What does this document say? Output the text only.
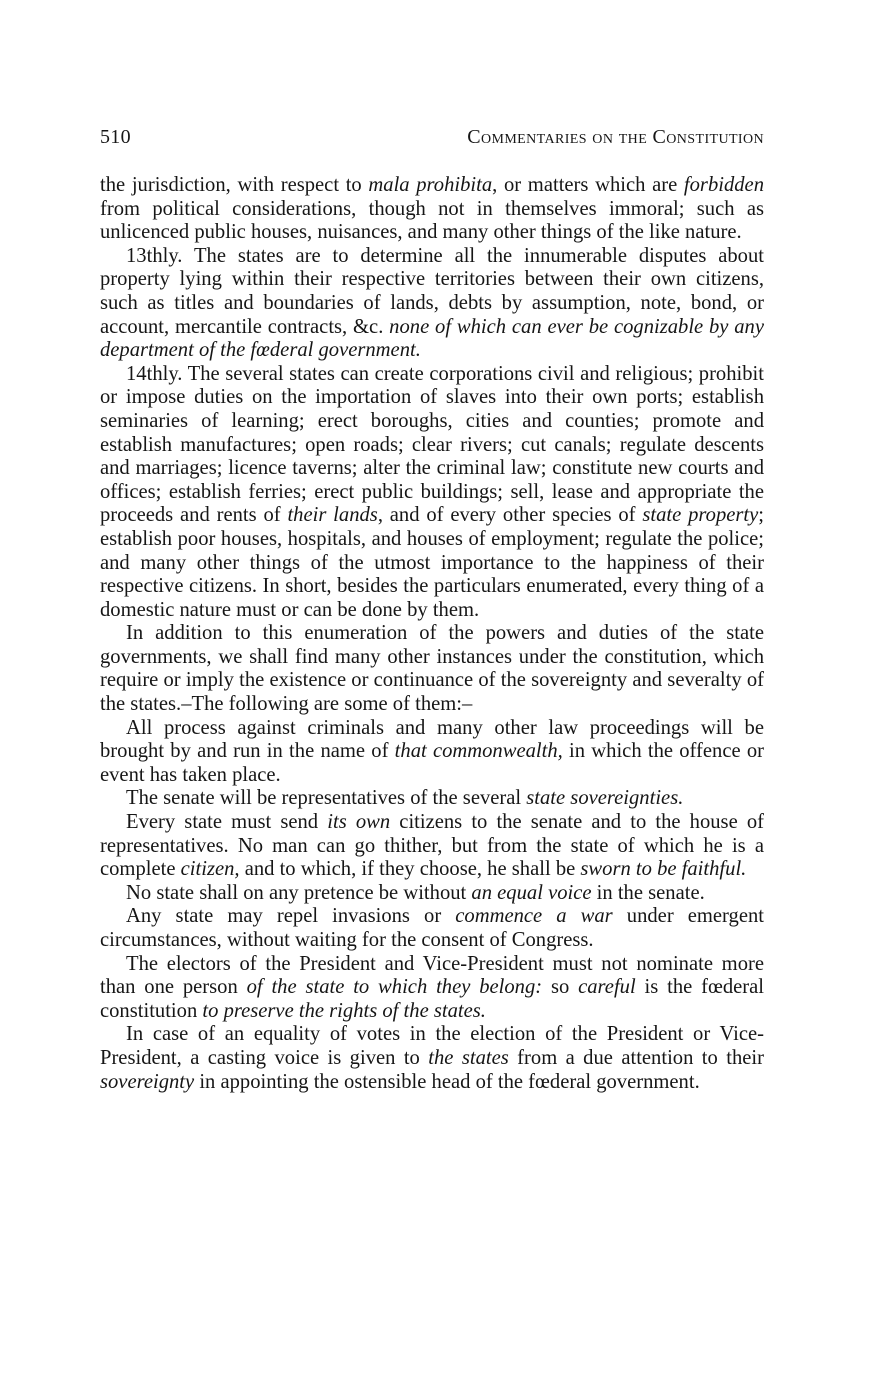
510	Commentaries on the Constitution

the jurisdiction, with respect to mala prohibita, or matters which are forbidden from political considerations, though not in themselves immoral; such as unlicenced public houses, nuisances, and many other things of the like nature.

13thly. The states are to determine all the innumerable disputes about property lying within their respective territories between their own citizens, such as titles and boundaries of lands, debts by assumption, note, bond, or account, mercantile contracts, &c. none of which can ever be cognizable by any department of the fœderal government.

14thly. The several states can create corporations civil and religious; prohibit or impose duties on the importation of slaves into their own ports; establish seminaries of learning; erect boroughs, cities and counties; promote and establish manufactures; open roads; clear rivers; cut canals; regulate descents and marriages; licence taverns; alter the criminal law; constitute new courts and offices; establish ferries; erect public buildings; sell, lease and appropriate the proceeds and rents of their lands, and of every other species of state property; establish poor houses, hospitals, and houses of employment; regulate the police; and many other things of the utmost importance to the happiness of their respective citizens. In short, besides the particulars enumerated, every thing of a domestic nature must or can be done by them.

In addition to this enumeration of the powers and duties of the state governments, we shall find many other instances under the constitution, which require or imply the existence or continuance of the sovereignty and severalty of the states.–The following are some of them:–

All process against criminals and many other law proceedings will be brought by and run in the name of that commonwealth, in which the offence or event has taken place.

The senate will be representatives of the several state sovereignties.

Every state must send its own citizens to the senate and to the house of representatives. No man can go thither, but from the state of which he is a complete citizen, and to which, if they choose, he shall be sworn to be faithful.

No state shall on any pretence be without an equal voice in the senate.

Any state may repel invasions or commence a war under emergent circumstances, without waiting for the consent of Congress.

The electors of the President and Vice-President must not nominate more than one person of the state to which they belong: so careful is the fœderal constitution to preserve the rights of the states.

In case of an equality of votes in the election of the President or Vice-President, a casting voice is given to the states from a due attention to their sovereignty in appointing the ostensible head of the fœderal government.
